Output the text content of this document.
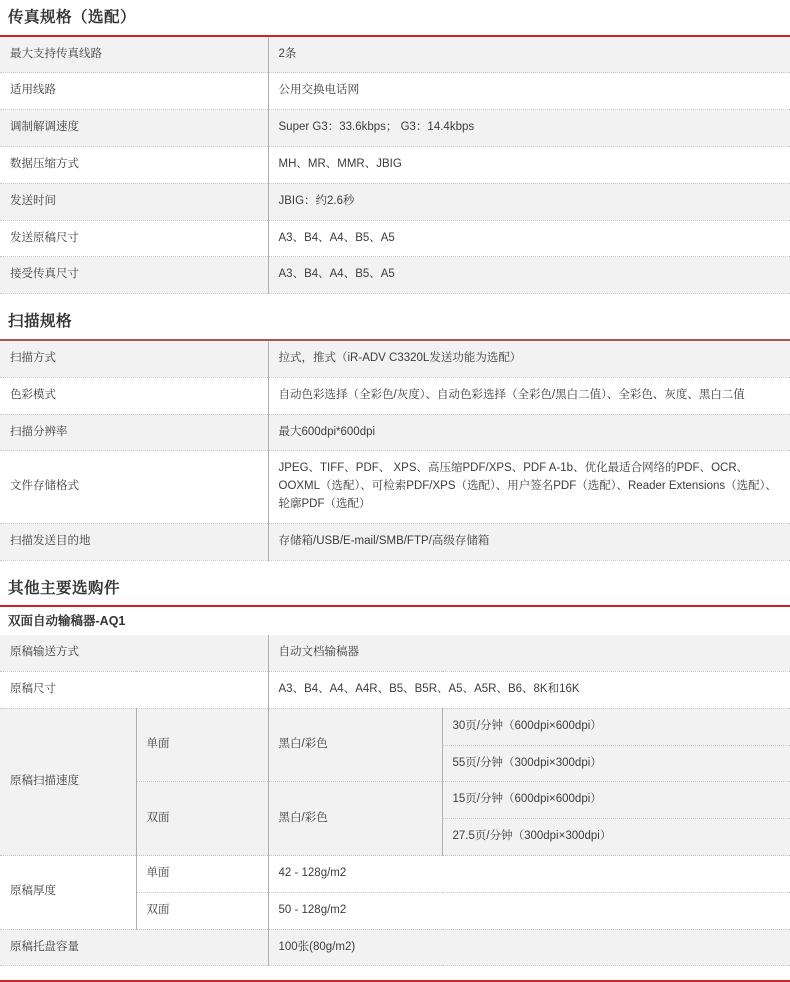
传真规格（选配）
最大支持传真线路	2条
适用线路	公用交换电话网
调制解调速度	Super G3：33.6kbps； G3：14.4kbps
数据压缩方式	MH、MR、MMR、JBIG
发送时间	JBIG：约2.6秒
发送原稿尺寸	A3、B4、A4、B5、A5
接受传真尺寸	A3、B4、A4、B5、A5
扫描规格
扫描方式	拉式，推式（iR-ADV C3320L发送功能为选配）
色彩模式	自动色彩选择（全彩色/灰度）、自动色彩选择（全彩色/黑白二值）、全彩色、灰度、黑白二值
扫描分辨率	最大600dpi*600dpi
文件存储格式	JPEG、TIFF、PDF、 XPS、高压缩PDF/XPS、PDF A-1b、优化最适合网络的PDF、OCR、OOXML（选配）、可检索PDF/XPS（选配）、用户签名PDF（选配）、Reader Extensions（选配）、轮廓PDF（选配）
扫描发送目的地	存储箱/USB/E-mail/SMB/FTP/高级存储箱
其他主要选购件
双面自动输稿器-AQ1
原稿输送方式		自动文档输稿器	
原稿尺寸		A3、B4、A4、A4R、B5、B5R、A5、A5R、B6、8K和16K	
原稿扫描速度	单面	黑白/彩色	30页/分钟（600dpi×600dpi）
			55页/分钟（300dpi×300dpi）
	双面	黑白/彩色	15页/分钟（600dpi×600dpi）
			27.5页/分钟（300dpi×300dpi）
原稿厚度	单面	42 - 128g/m2	
	双面	50 - 128g/m2	
原稿托盘容量		100张(80g/m2)	
